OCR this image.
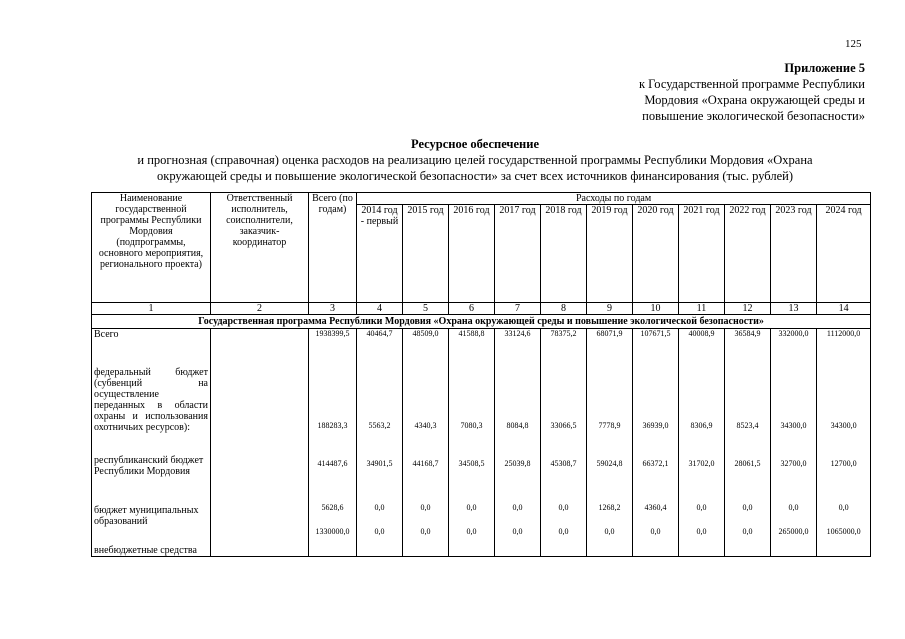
125
Приложение 5
к Государственной программе Республики
Мордовия «Охрана окружающей среды и
повышение экологической безопасности»
Ресурсное обеспечение
и прогнозная (справочная) оценка расходов на реализацию целей государственной программы Республики Мордовия «Охрана
окружающей среды и повышение экологической безопасности» за счет всех источников финансирования (тыс. рублей)
Наименование государственной программы Республики Мордовия (подпрограммы, основного мероприятия, регионального проекта)	Ответственный исполнитель, соисполнители, заказчик-координатор	Всего (по годам)	Расходы по годам										
			2014 год - первый	2015 год	2016 год	2017 год	2018 год	2019 год	2020 год	2021 год	2022 год	2023 год	2024 год
1	2	3	4	5	6	7	8	9	10	11	12	13	14
Государственная программа Республики Мордовия «Охрана окружающей среды и повышение экологической безопасности»													

Всего		1938399,5	40464,7	48509,0	41588,8	33124,6	78375,2	68071,9	107671,5	40008,9	36584,9	332000,0	1112000,0

федеральный бюджет (субвенций на осуществление переданных в области охраны и использования охотничьих ресурсов):		188283,3	5563,2	4340,3	7080,3	8084,8	33066,5	7778,9	36939,0	8306,9	8523,4	34300,0	34300,0

республиканский бюджет Республики Мордовия		414487,6	34901,5	44168,7	34508,5	25039,8	45308,7	59024,8	66372,1	31702,0	28061,5	32700,0	12700,0

бюджет муниципальных образований		5628,6	0,0	0,0	0,0	0,0	0,0	1268,2	4360,4	0,0	0,0	0,0	0,0

внебюджетные средства		1330000,0	0,0	0,0	0,0	0,0	0,0	0,0	0,0	0,0	0,0	265000,0	1065000,0
